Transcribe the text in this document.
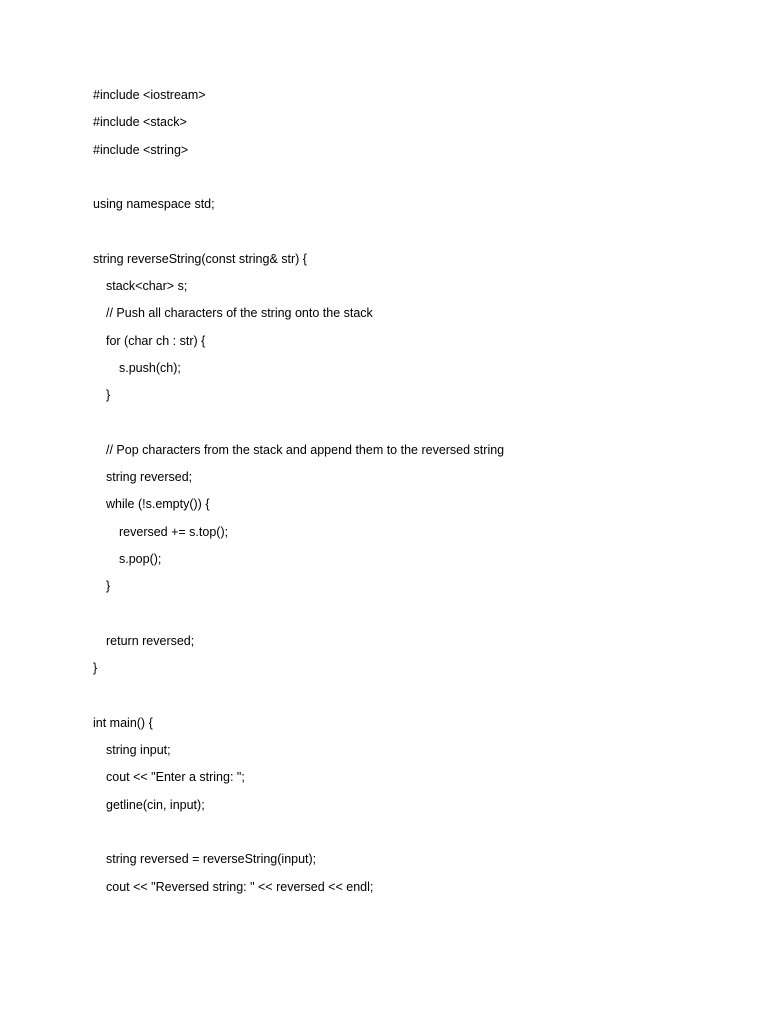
#include <iostream>
#include <stack>
#include <string>
using namespace std;
string reverseString(const string& str) {
stack<char> s;
// Push all characters of the string onto the stack
for (char ch : str) {
s.push(ch);
}
// Pop characters from the stack and append them to the reversed string
string reversed;
while (!s.empty()) {
reversed += s.top();
s.pop();
}
return reversed;
}
int main() {
string input;
cout << "Enter a string: ";
getline(cin, input);
string reversed = reverseString(input);
cout << "Reversed string: " << reversed << endl;
